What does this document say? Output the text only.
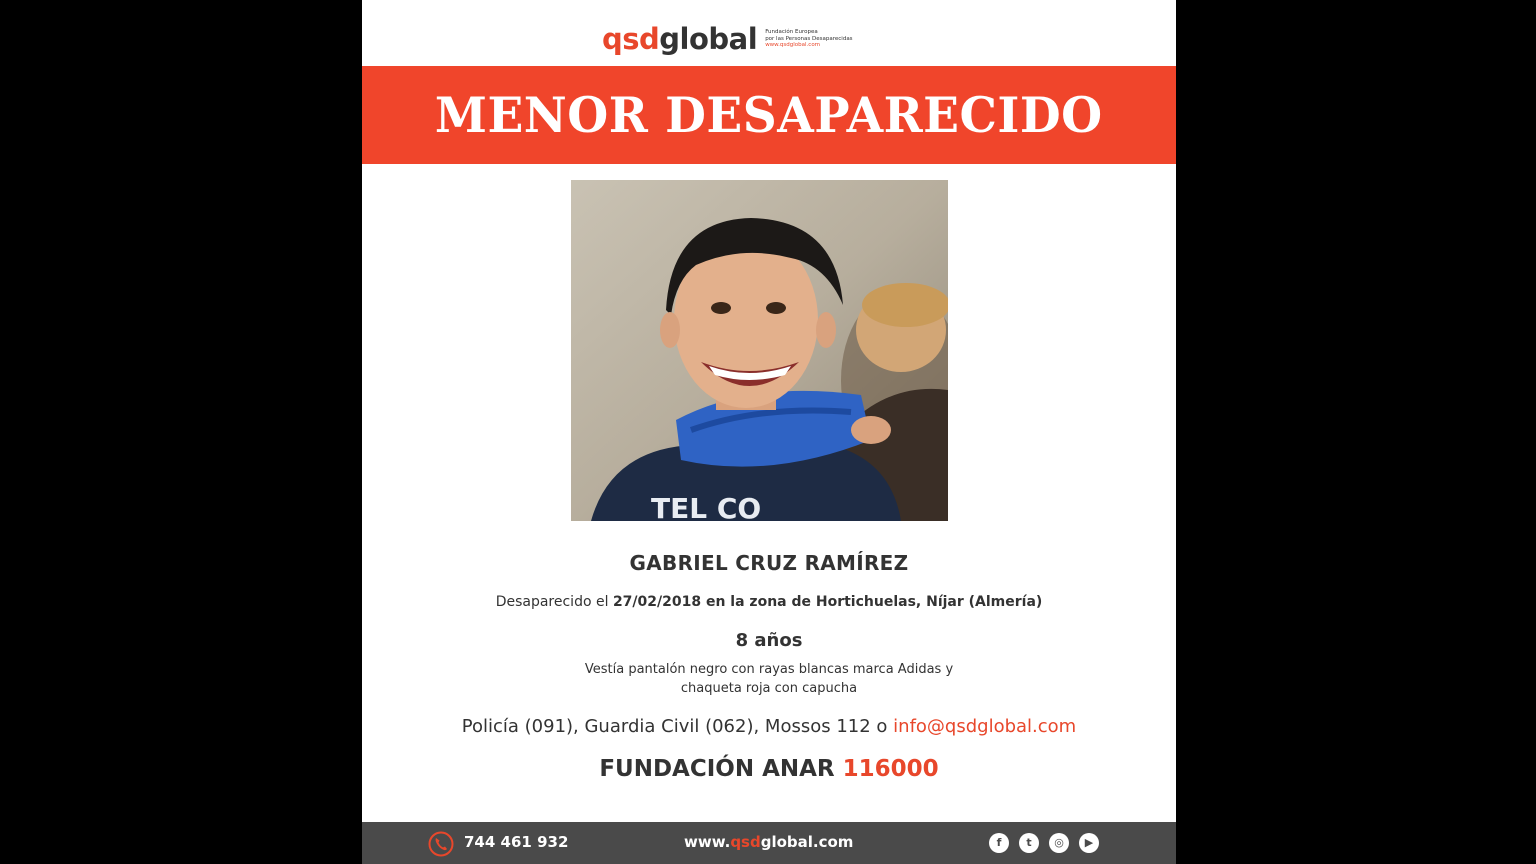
qsdglobal Fundación Europea
por las Personas Desaparecidas
www.qsdglobal.com
MENOR DESAPARECIDO
TEL CO
GABRIEL CRUZ RAMÍREZ
Desaparecido el 27/02/2018 en la zona de Hortichuelas, Níjar (Almería)
8 años
Vestía pantalón negro con rayas blancas marca Adidas y
chaqueta roja con capucha
Policía (091), Guardia Civil (062), Mossos 112 o info@qsdglobal.com
FUNDACIÓN ANAR 116000
744 461 932	www.qsdglobal.com	f	t	◎	▶
